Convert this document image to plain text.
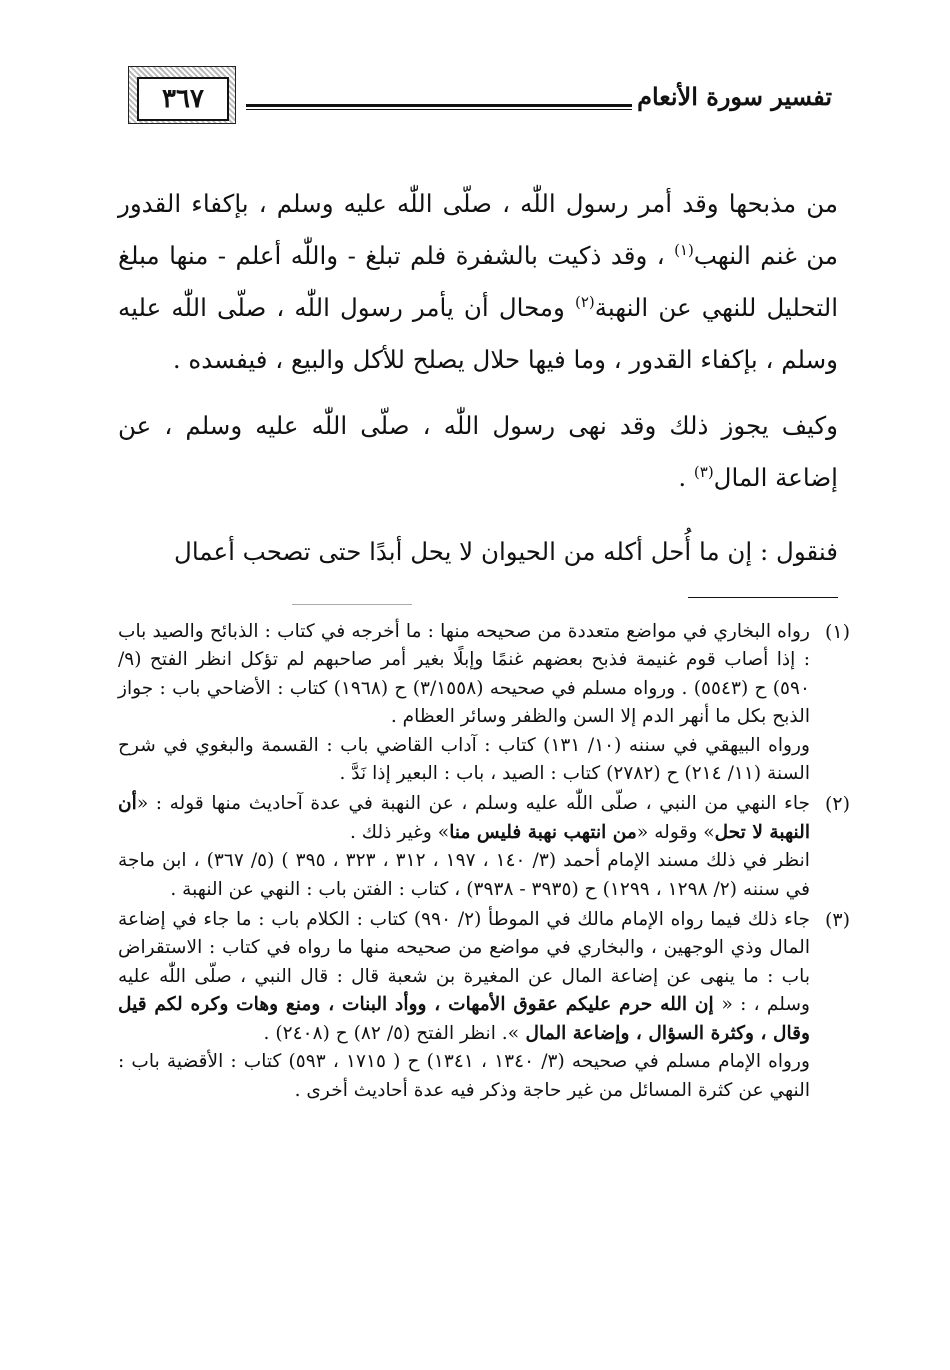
تفسير سورة الأنعام
٣٦٧

من مذبحها وقد أمر رسول اللّٰه ، صلّى اللّٰه عليه وسلم ، بإكفاء القدور من غنم النهب$^{(١)}$ ، وقد ذكيت بالشفرة فلم تبلغ - واللّٰه أعلم - منها مبلغ التحليل للنهي عن النهبة$^{(٢)}$ ومحال أن يأمر رسول اللّٰه ، صلّى اللّٰه عليه وسلم ، بإكفاء القدور ، وما فيها حلال يصلح للأكل والبيع ، فيفسده .

وكيف يجوز ذلك وقد نهى رسول اللّٰه ، صلّى اللّٰه عليه وسلم ، عن إضاعة المال$^{(٣)}$ .

فنقول : إن ما أُحل أكله من الحيوان لا يحل أبدًا حتى تصحب أعمال

(١)

رواه البخاري في مواضع متعددة من صحيحه منها : ما أخرجه في كتاب : الذبائح والصيد باب : إذا أصاب قوم غنيمة فذبح بعضهم غنمًا وإبلًا بغير أمر صاحبهم لم تؤكل انظر الفتح (٩/ ٥٩٠) ح (٥٥٤٣) . ورواه مسلم في صحيحه (٣/١٥٥٨) ح (١٩٦٨) كتاب : الأضاحي باب : جواز الذبح بكل ما أنهر الدم إلا السن والظفر وسائر العظام .

ورواه البيهقي في سننه (١٠/ ١٣١) كتاب : آداب القاضي باب : القسمة والبغوي في شرح السنة (١١/ ٢١٤) ح (٢٧٨٢) كتاب : الصيد ، باب : البعير إذا نَدَّ .

(٢)

جاء النهي من النبي ، صلّى اللّٰه عليه وسلم ، عن النهبة في عدة آحاديث منها قوله : «أن النهبة لا تحل» وقوله «من انتهب نهبة فليس منا» وغير ذلك .

انظر في ذلك مسند الإمام أحمد (٣/ ١٤٠ ، ١٩٧ ، ٣١٢ ، ٣٢٣ ، ٣٩٥ ) (٥/ ٣٦٧) ، ابن ماجة في سننه (٢/ ١٢٩٨ ، ١٢٩٩) ح (٣٩٣٥ - ٣٩٣٨) ، كتاب : الفتن باب : النهي عن النهبة .

(٣)

جاء ذلك فيما رواه الإمام مالك في الموطأ (٢/ ٩٩٠) كتاب : الكلام باب : ما جاء في إضاعة المال وذي الوجهين ، والبخاري في مواضع من صحيحه منها ما رواه في كتاب : الاستقراض باب : ما ينهى عن إضاعة المال عن المغيرة بن شعبة قال : قال النبي ، صلّى اللّٰه عليه وسلم ، : « إن الله حرم عليكم عقوق الأمهات ، ووأد البنات ، ومنع وهات وكره لكم قيل وقال ، وكثرة السؤال ، وإضاعة المال ». انظر الفتح (٥/ ٨٢) ح (٢٤٠٨) .

ورواه الإمام مسلم في صحيحه (٣/ ١٣٤٠ ، ١٣٤١) ح ( ١٧١٥ ، ٥٩٣) كتاب : الأقضية باب : النهي عن كثرة المسائل من غير حاجة وذكر فيه عدة أحاديث أخرى .
